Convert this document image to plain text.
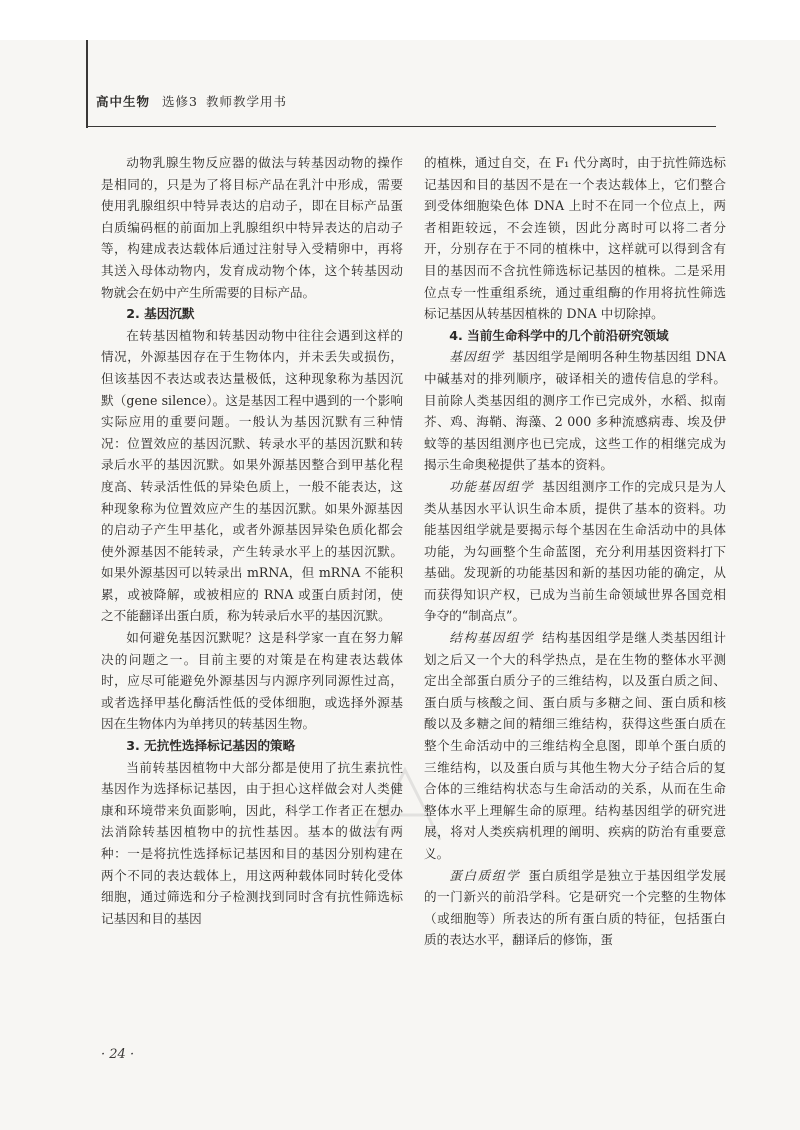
高中生物 选修3 教师教学用书

动物乳腺生物反应器的做法与转基因动物的操作是相同的，只是为了将目标产品在乳汁中形成，需要使用乳腺组织中特异表达的启动子，即在目标产品蛋白质编码框的前面加上乳腺组织中特异表达的启动子等，构建成表达载体后通过注射导入受精卵中，再将其送入母体动物内，发育成动物个体，这个转基因动物就会在奶中产生所需要的目标产品。

2. 基因沉默

在转基因植物和转基因动物中往往会遇到这样的情况，外源基因存在于生物体内，并未丢失或损伤，但该基因不表达或表达量极低，这种现象称为基因沉默（gene silence）。这是基因工程中遇到的一个影响实际应用的重要问题。一般认为基因沉默有三种情况：位置效应的基因沉默、转录水平的基因沉默和转录后水平的基因沉默。如果外源基因整合到甲基化程度高、转录活性低的异染色质上，一般不能表达，这种现象称为位置效应产生的基因沉默。如果外源基因的启动子产生甲基化，或者外源基因异染色质化都会使外源基因不能转录，产生转录水平上的基因沉默。如果外源基因可以转录出 mRNA，但 mRNA 不能积累，或被降解，或被相应的 RNA 或蛋白质封闭，使之不能翻译出蛋白质，称为转录后水平的基因沉默。

如何避免基因沉默呢？这是科学家一直在努力解决的问题之一。目前主要的对策是在构建表达载体时，应尽可能避免外源基因与内源序列同源性过高，或者选择甲基化酶活性低的受体细胞，或选择外源基因在生物体内为单拷贝的转基因生物。

3. 无抗性选择标记基因的策略

当前转基因植物中大部分都是使用了抗生素抗性基因作为选择标记基因，由于担心这样做会对人类健康和环境带来负面影响，因此，科学工作者正在想办法消除转基因植物中的抗性基因。基本的做法有两种：一是将抗性选择标记基因和目的基因分别构建在两个不同的表达载体上，用这两种载体同时转化受体细胞，通过筛选和分子检测找到同时含有抗性筛选标记基因和目的基因

的植株，通过自交，在 F₁ 代分离时，由于抗性筛选标记基因和目的基因不是在一个表达载体上，它们整合到受体细胞染色体 DNA 上时不在同一个位点上，两者相距较远，不会连锁，因此分离时可以将二者分开，分别存在于不同的植株中，这样就可以得到含有目的基因而不含抗性筛选标记基因的植株。二是采用位点专一性重组系统，通过重组酶的作用将抗性筛选标记基因从转基因植株的 DNA 中切除掉。

4. 当前生命科学中的几个前沿研究领域

基因组学 基因组学是阐明各种生物基因组 DNA 中碱基对的排列顺序，破译相关的遗传信息的学科。目前除人类基因组的测序工作已完成外，水稻、拟南芥、鸡、海鞘、海藻、2 000 多种流感病毒、埃及伊蚊等的基因组测序也已完成，这些工作的相继完成为揭示生命奥秘提供了基本的资料。

功能基因组学 基因组测序工作的完成只是为人类从基因水平认识生命本质，提供了基本的资料。功能基因组学就是要揭示每个基因在生命活动中的具体功能，为勾画整个生命蓝图，充分利用基因资料打下基础。发现新的功能基因和新的基因功能的确定，从而获得知识产权，已成为当前生命领域世界各国竞相争夺的“制高点”。

结构基因组学 结构基因组学是继人类基因组计划之后又一个大的科学热点，是在生物的整体水平测定出全部蛋白质分子的三维结构，以及蛋白质之间、蛋白质与核酸之间、蛋白质与多糖之间、蛋白质和核酸以及多糖之间的精细三维结构，获得这些蛋白质在整个生命活动中的三维结构全息图，即单个蛋白质的三维结构，以及蛋白质与其他生物大分子结合后的复合体的三维结构状态与生命活动的关系，从而在生命整体水平上理解生命的原理。结构基因组学的研究进展，将对人类疾病机理的阐明、疾病的防治有重要意义。

蛋白质组学 蛋白质组学是独立于基因组学发展的一门新兴的前沿学科。它是研究一个完整的生物体（或细胞等）所表达的所有蛋白质的特征，包括蛋白质的表达水平，翻译后的修饰，蛋

· 24 ·
